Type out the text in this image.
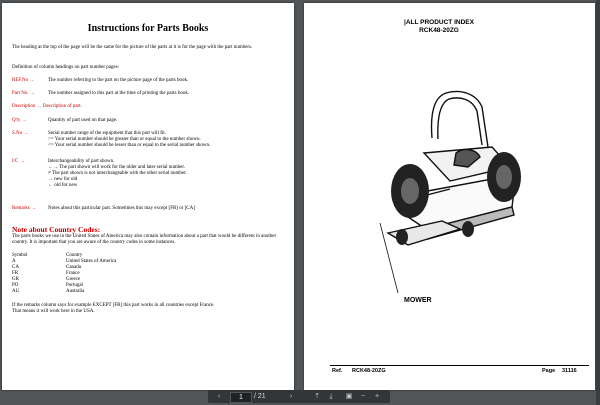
Instructions for Parts Books
The heading at the top of the page will be the same for the picture of the parts at it is for the page with the part numbers.
Definition of column headings on part number pages:
REF.No →	The number referring to the part on the picture page of the parts book.
Part No. →	The number assigned to this part at the time of printing the parts book.
Description → Description of part.
Q'ty →	Quantity of part used on that page.
S.No →	Serial number range of the equipment that this part will fit.
>= Your serial number should be greater than or equal to the number shown.
<= Your serial number should be lesser than or equal to the serial number shown.
I/C →	Interchangeability of part shown.
←→ The part shown will work for the older and later serial number.
≠ The part shown is not interchangeable with the other serial number.
→ new for old
← old for new
Remarks → Notes about this particular part. Sometimes this may except [FR] or [CA]
Note about Country Codes:
The parts books we use in the United States of America may also contain information about a part that would be different in another country. It is important that you are aware of the country codes in some instances.
Symbol	Country
A	United States of America
CA	Canada
FR	France
GR	Greece
PO	Portugal
AU	Australia
If the remarks column says for example EXCEPT [FR] this part works in all countries except France.
That means it will work here in the USA.
|ALL PRODUCT INDEX
RCK48-20ZG
MOWER
Ref. RCK48-20ZG	Page 31116
‹	1	/ 21	›	⤒	⤓	▣	−	+
